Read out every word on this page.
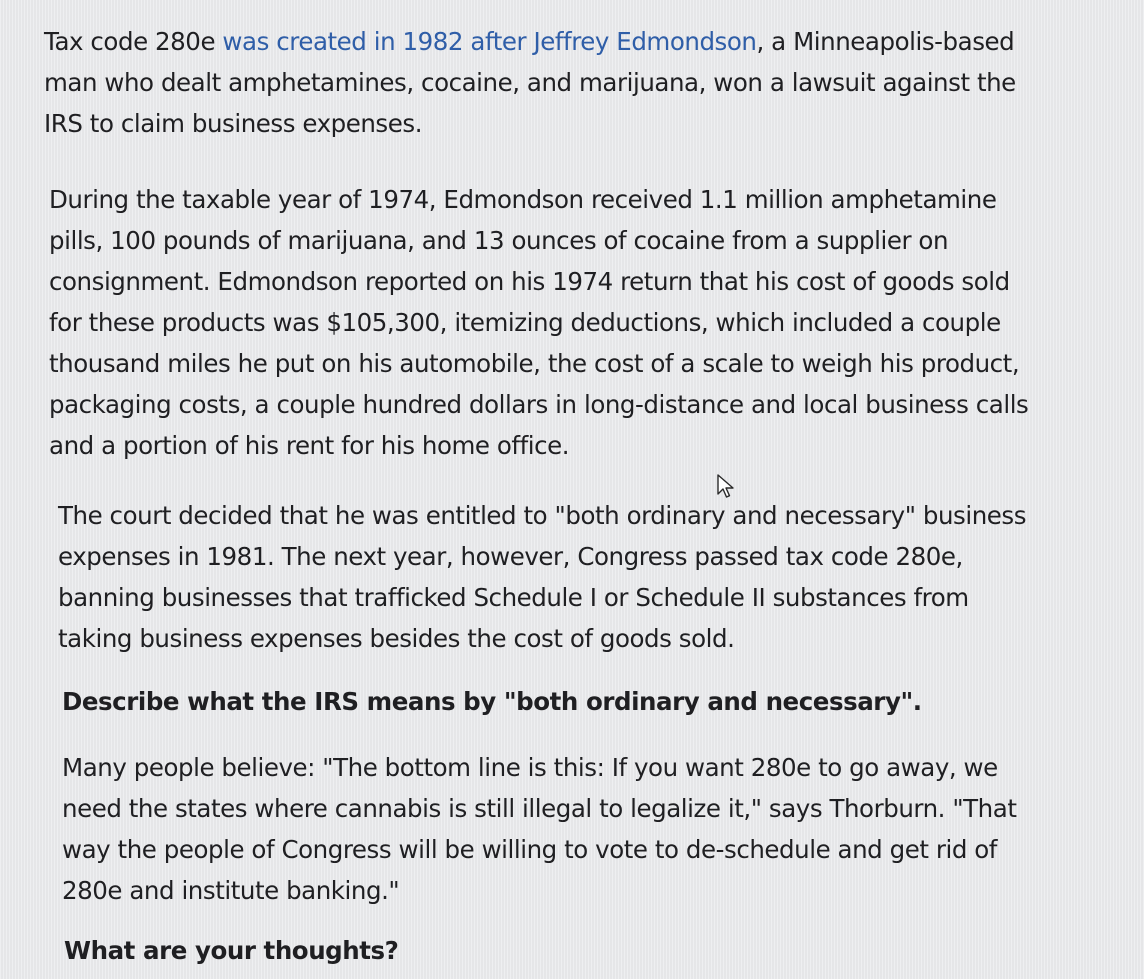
Tax code 280e was created in 1982 after Jeffrey Edmondson, a Minneapolis-based
man who dealt amphetamines, cocaine, and marijuana, won a lawsuit against the
IRS to claim business expenses.

During the taxable year of 1974, Edmondson received 1.1 million amphetamine
pills, 100 pounds of marijuana, and 13 ounces of cocaine from a supplier on
consignment. Edmondson reported on his 1974 return that his cost of goods sold
for these products was $105,300, itemizing deductions, which included a couple
thousand miles he put on his automobile, the cost of a scale to weigh his product,
packaging costs, a couple hundred dollars in long-distance and local business calls
and a portion of his rent for his home office.

The court decided that he was entitled to "both ordinary and necessary" business
expenses in 1981. The next year, however, Congress passed tax code 280e,
banning businesses that trafficked Schedule I or Schedule II substances from
taking business expenses besides the cost of goods sold.

Describe what the IRS means by "both ordinary and necessary".

Many people believe: "The bottom line is this: If you want 280e to go away, we
need the states where cannabis is still illegal to legalize it," says Thorburn. "That
way the people of Congress will be willing to vote to de-schedule and get rid of
280e and institute banking."

What are your thoughts?
